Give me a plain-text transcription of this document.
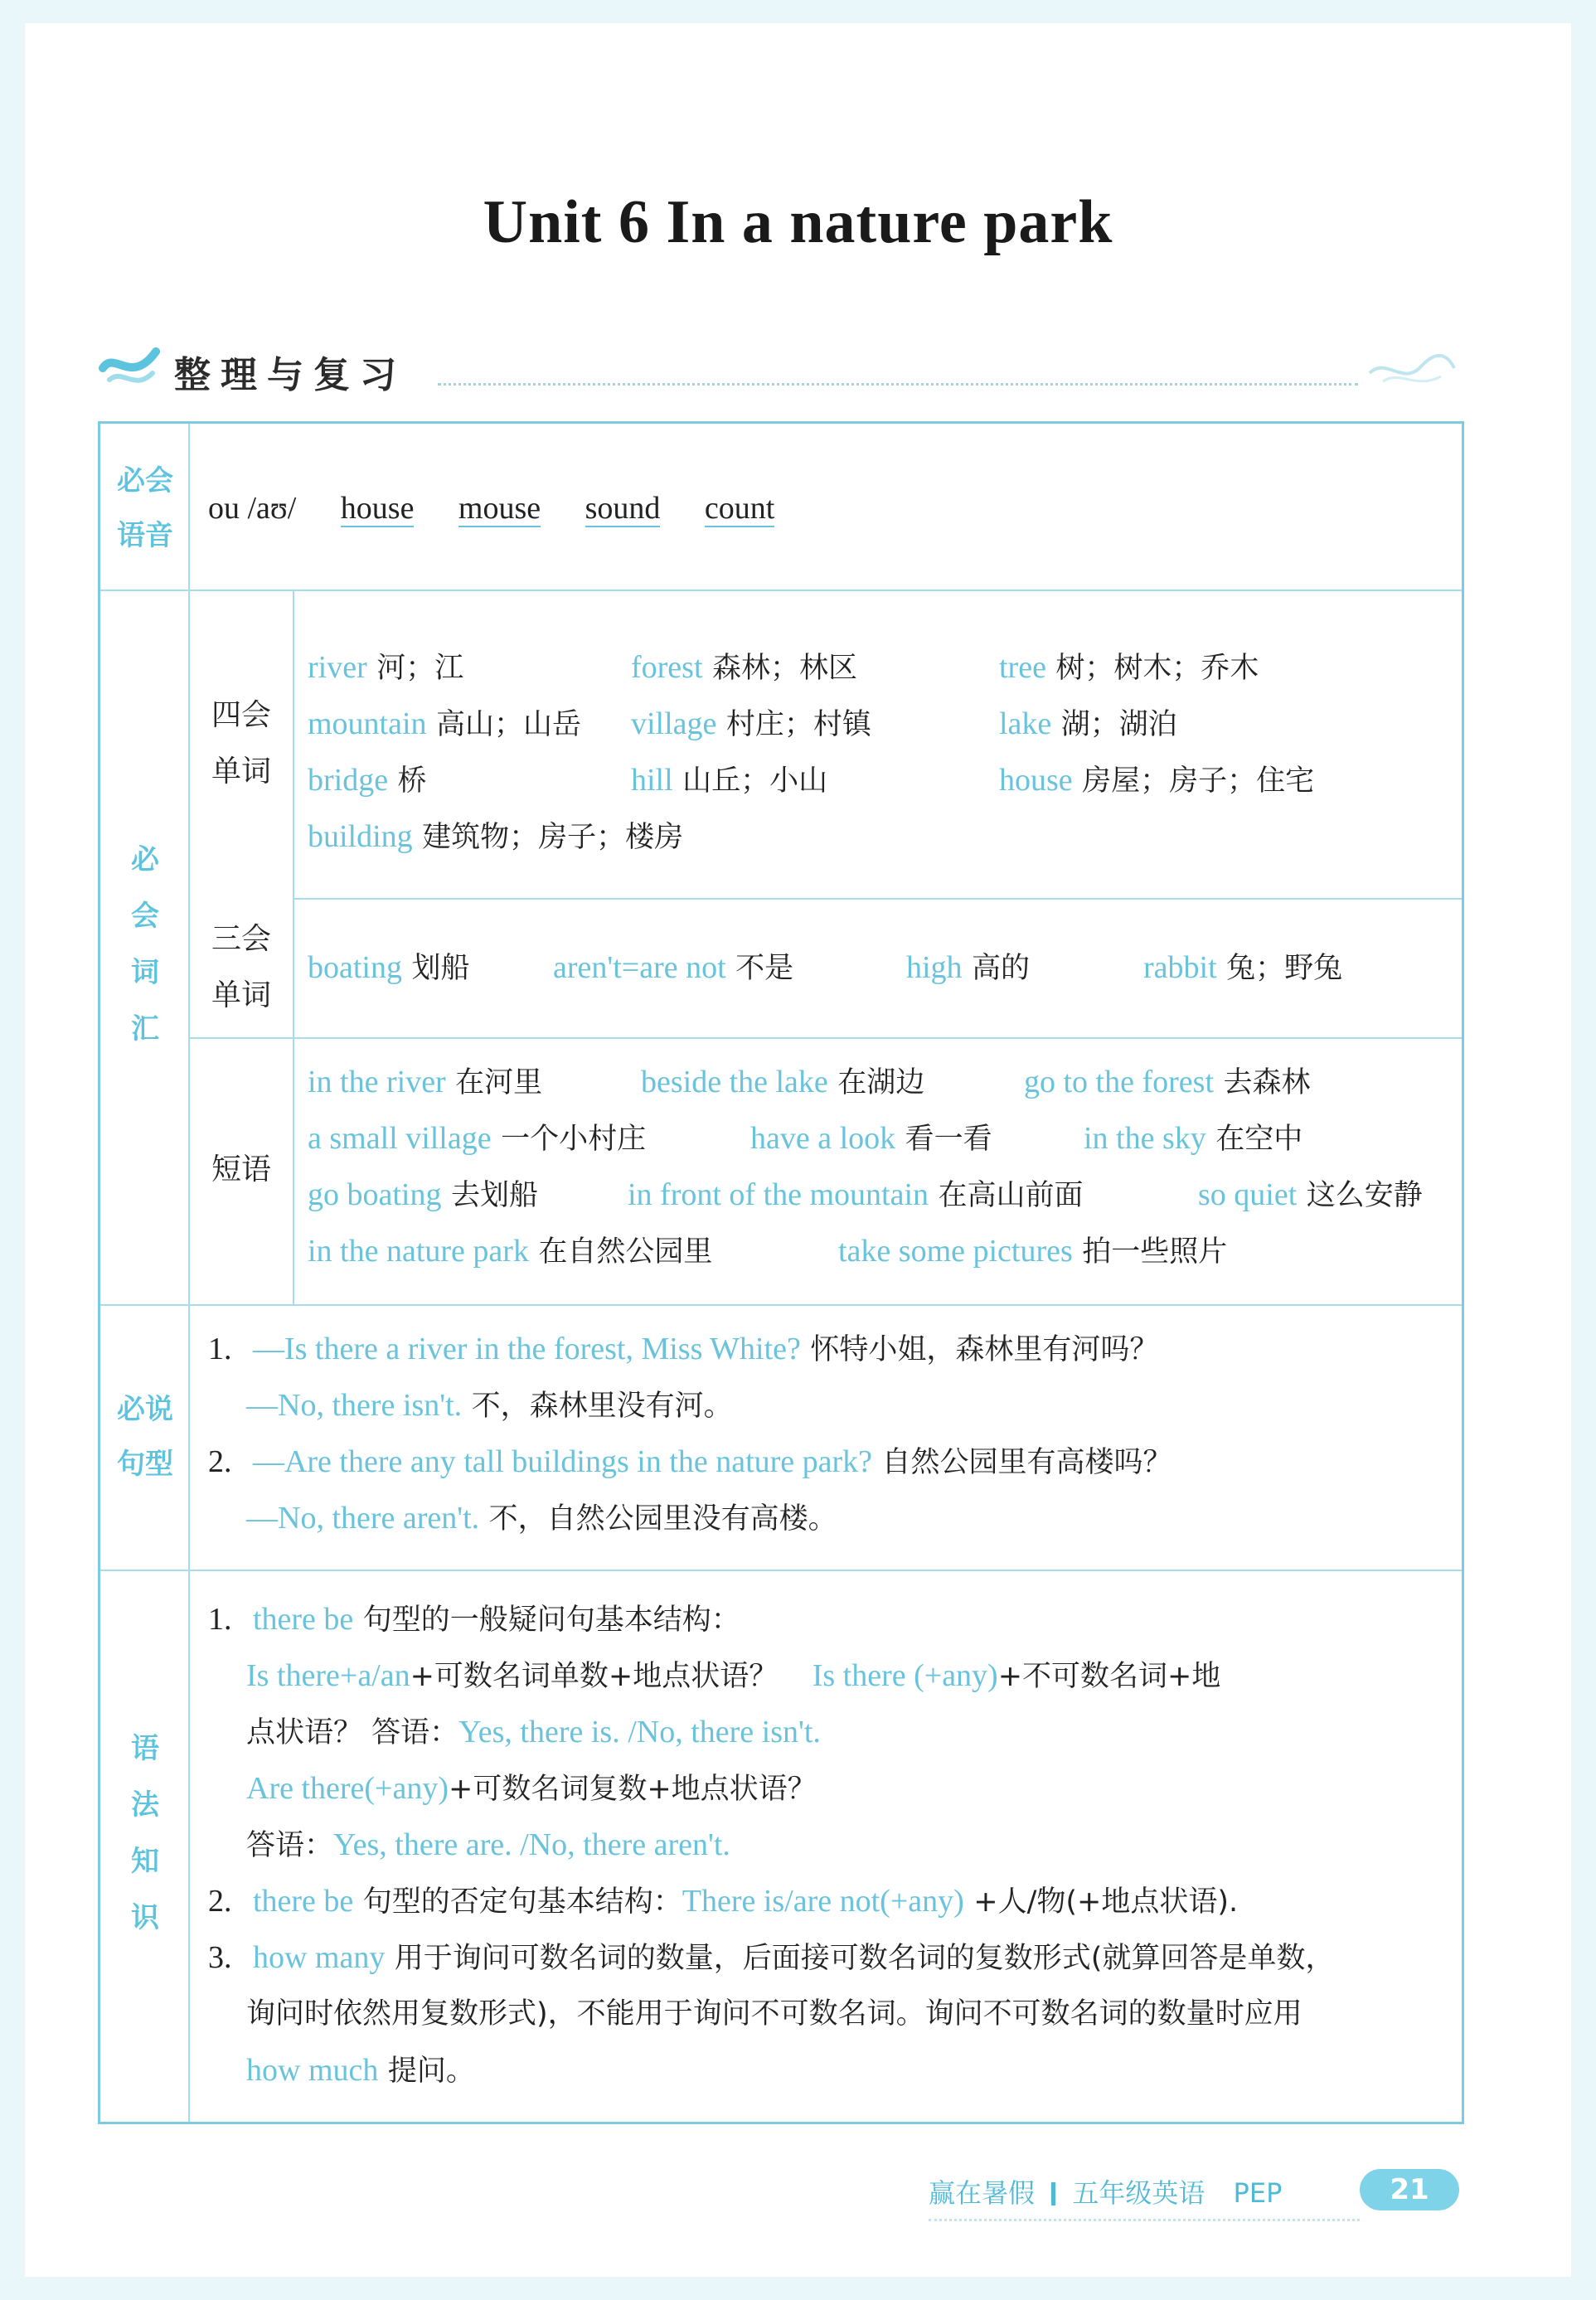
Unit 6 In a nature park
整理与复习
必会
语音
ou /aʊ/ house mouse sound count
必
会
词
汇
四会
单词
river 河；江	forest 森林；林区	tree 树；树木；乔木
mountain 高山；山岳 village 村庄；村镇	lake 湖；湖泊
bridge 桥	hill 山丘；小山	house 房屋；房子；住宅
building 建筑物；房子；楼房
三会
单词
boating 划船	aren't=are not 不是	high 高的	rabbit 兔；野兔
短语
in the river 在河里	beside the lake 在湖边	go to the forest 去森林
a small village 一个小村庄	have a look 看一看	in the sky 在空中
go boating 去划船	in front of the mountain 在高山前面	so quiet 这么安静
in the nature park 在自然公园里	take some pictures 拍一些照片
必说
句型
1. —Is there a river in the forest, Miss White? 怀特小姐，森林里有河吗？
—No, there isn't. 不，森林里没有河。
2. —Are there any tall buildings in the nature park? 自然公园里有高楼吗？
—No, there aren't. 不，自然公园里没有高楼。
语
法
知
识
1. there be 句型的一般疑问句基本结构：
Is there+a/an+可数名词单数+地点状语？ Is there (+any)+不可数名词+地
点状语？ 答语：Yes, there is. /No, there isn't.
Are there(+any)+可数名词复数+地点状语？
答语：Yes, there are. /No, there aren't.
2. there be 句型的否定句基本结构：There is/are not(+any) +人/物(+地点状语).
3. how many 用于询问可数名词的数量，后面接可数名词的复数形式(就算回答是单数，
询问时依然用复数形式)，不能用于询问不可数名词。询问不可数名词的数量时应用
how much 提问。
赢在暑假 五年级英语 PEP	21
